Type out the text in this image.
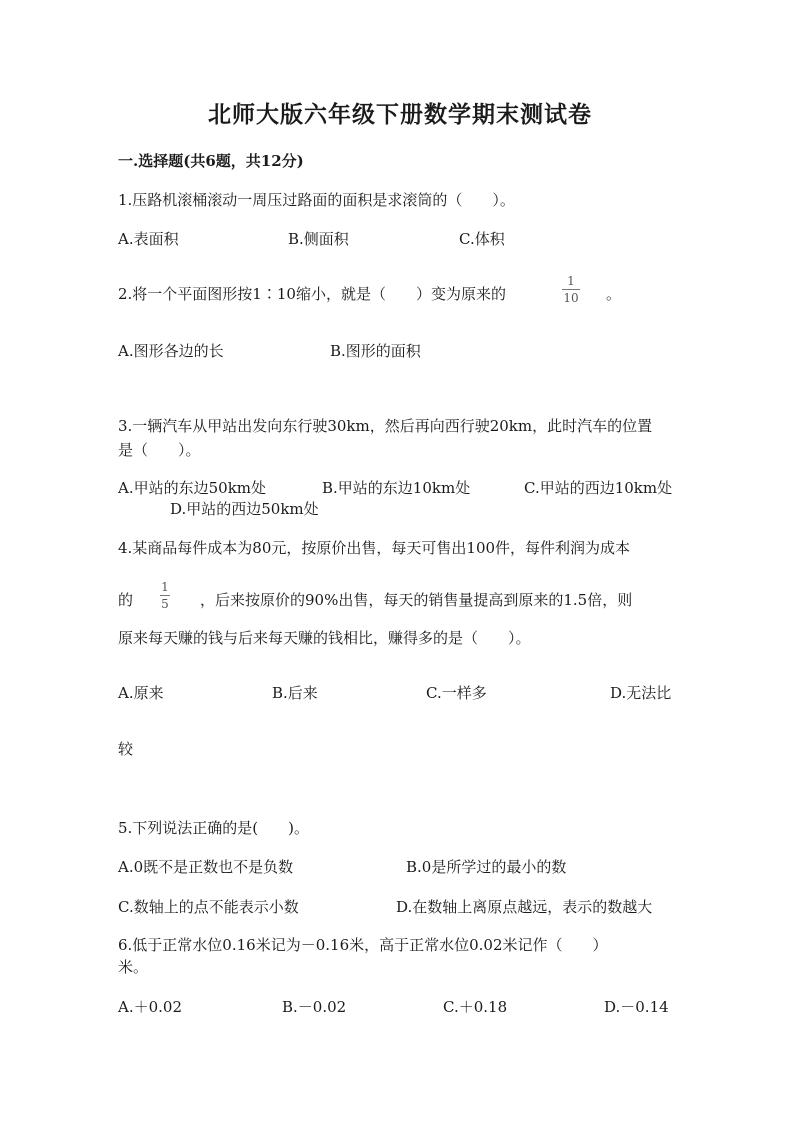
北师大版六年级下册数学期末测试卷
一.选择题(共6题，共12分)
1.压路机滚桶滚动一周压过路面的面积是求滚筒的（　　）。
A.表面积	B.侧面积	C.体积
2.将一个平面图形按1∶10缩小，就是（　　）变为原来的
1
10 。
A.图形各边的长	B.图形的面积
3.一辆汽车从甲站出发向东行驶30km，然后再向西行驶20km，此时汽车的位置
是（　　）。
A.甲站的东边50km处	B.甲站的东边10km处	C.甲站的西边10km处
D.甲站的西边50km处
4.某商品每件成本为80元，按原价出售，每天可售出100件，每件利润为成本
的
1
5 ，后来按原价的90%出售，每天的销售量提高到原来的1.5倍，则
原来每天赚的钱与后来每天赚的钱相比，赚得多的是（　　）。
A.原来	B.后来	C.一样多	D.无法比
较
5.下列说法正确的是(　　)。
A.0既不是正数也不是负数	B.0是所学过的最小的数
C.数轴上的点不能表示小数	D.在数轴上离原点越远，表示的数越大
6.低于正常水位0.16米记为－0.16米，高于正常水位0.02米记作（　　）
米。
A.＋0.02	B.－0.02	C.＋0.18	D.－0.14
